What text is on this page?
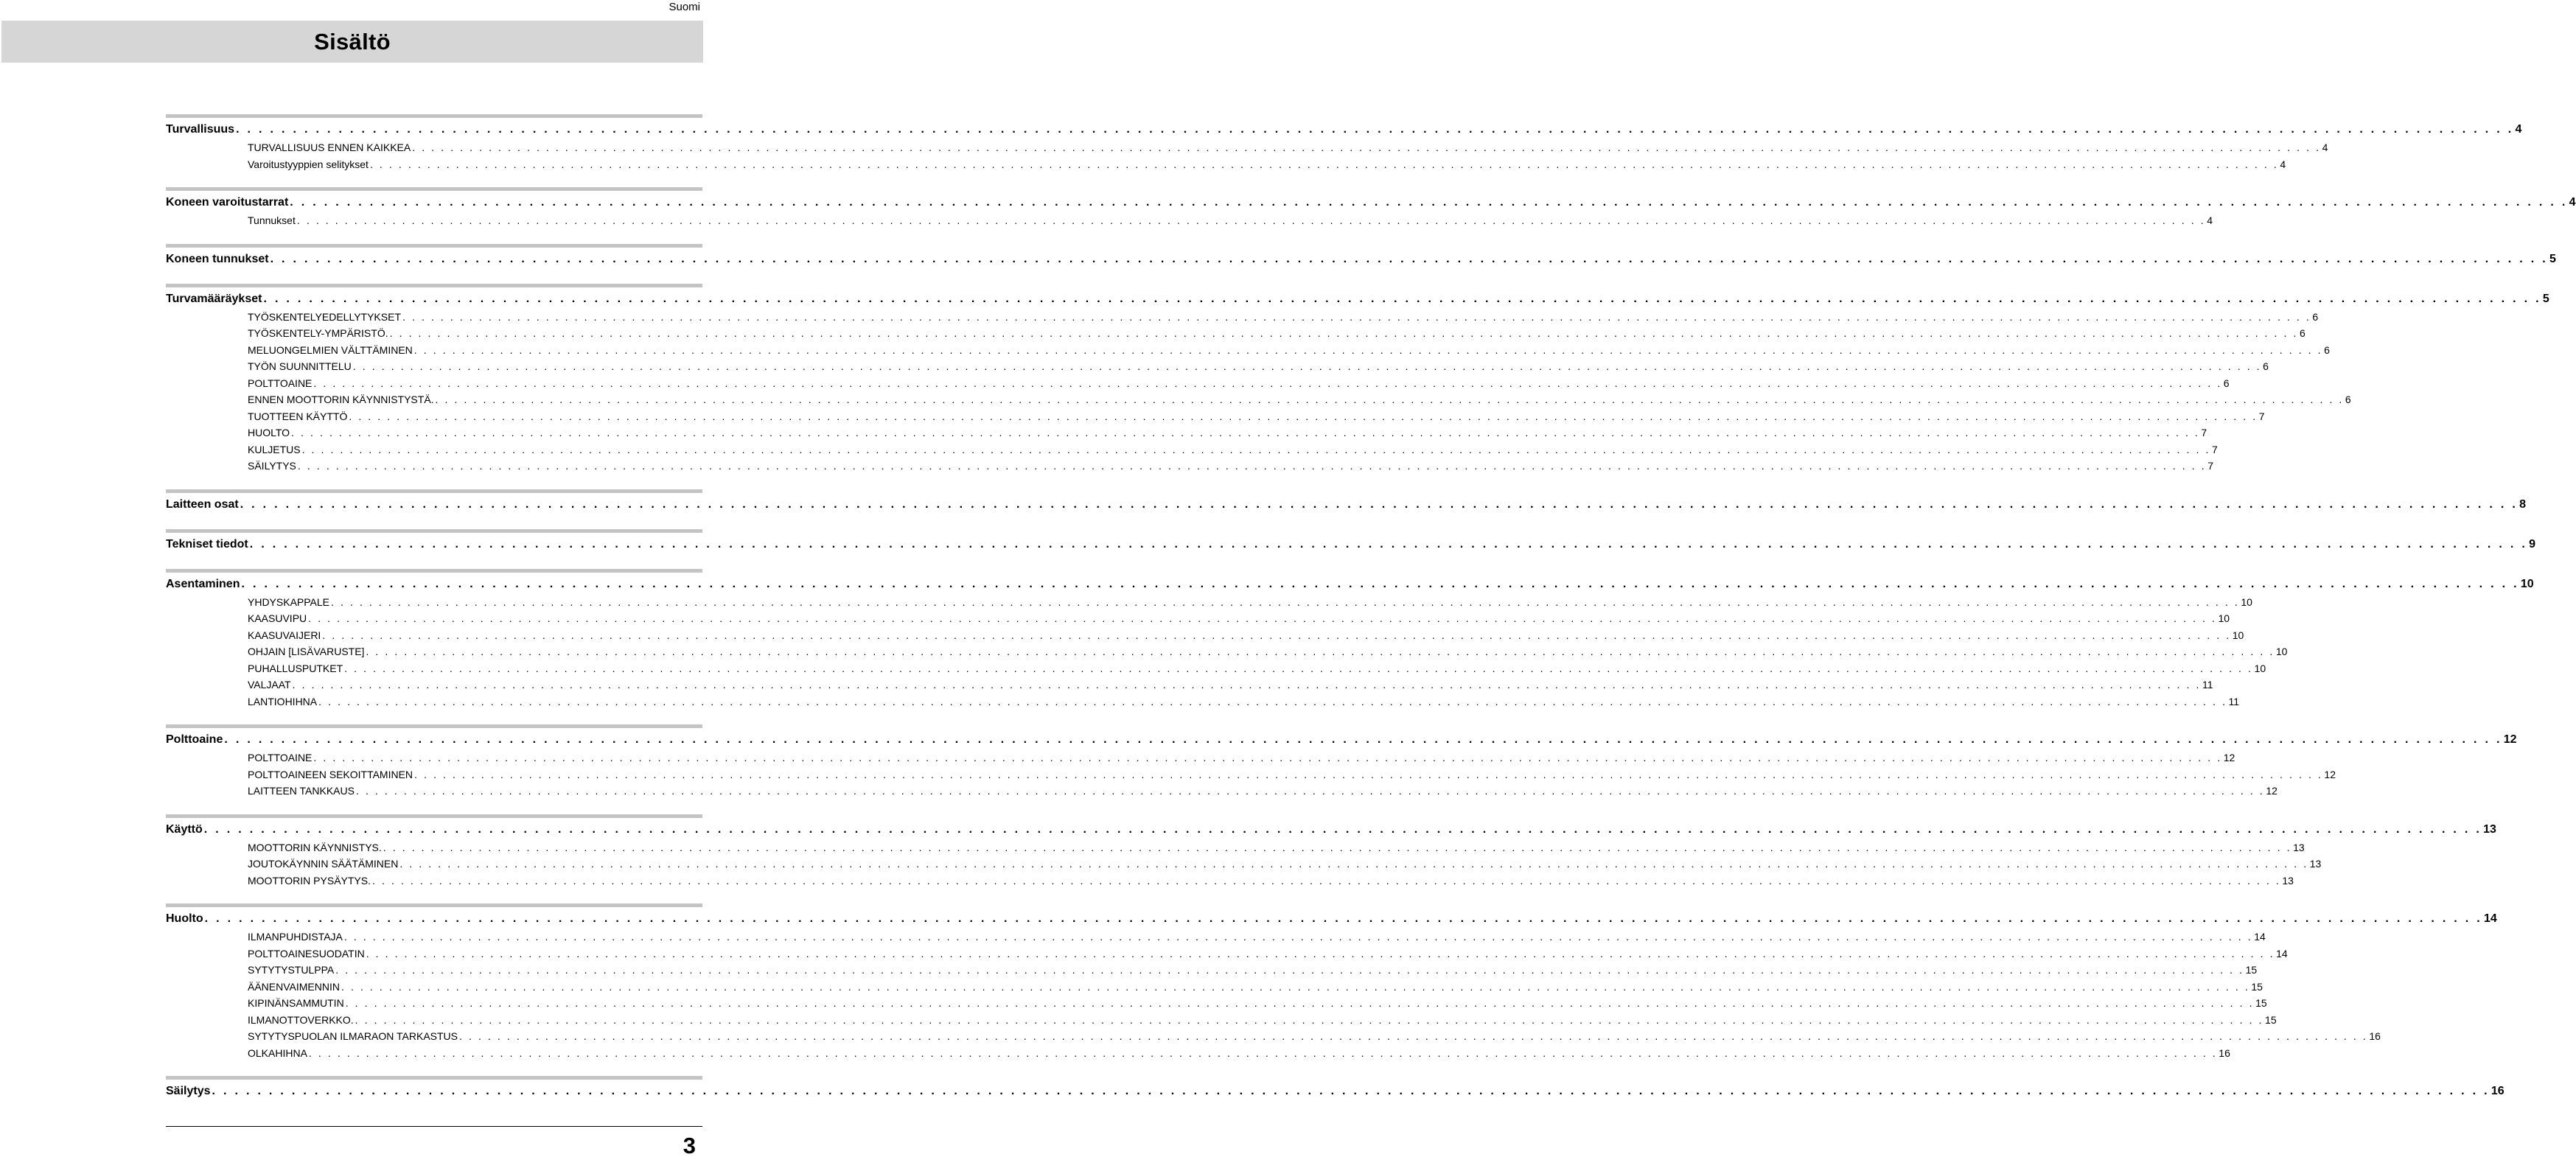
Suomi
Sisältö
Turvallisuus . . . . . . . . . . . . . . . . . . . . . . . . . . . . . . . . . . . . . . . . . . . . . . . . . . . . . . . . . . . . . . . . . . . . . . . . . . . . . . . . . . . . . . . . . . . . . . . . . . . . . . . . . . . . . . . . . . . . . . . . . . . . . . . . . . . . . . . . . . . . . . . . . . . . . . . . . . . . . . . . . . . . . . . . . . . . . . . . . . . . . . . . . . . . . . . . . . . . . . . . 4
TURVALLISUUS ENNEN KAIKKEA . . . . . . . . . . . . . . . . . . . . . . . . . . . . . . . . . . . . . . . . . . . . . . . . . . . . . . . . . . . . . . . . . . . . . . . . . . . . . . . . . . . . . . . . . . . . . . . . . . . . . . . . . . . . . . . . . . . . . . . . . . . . . . . . . . . . . . . . . . . . . . . . . . . . . . . . . . . . . . . . . . . . . . . . . . . . . . . . . . . . . . . . . . . . . . . . . . . . . . . . 4
Varoitustyyppien selitykset . . . . . . . . . . . . . . . . . . . . . . . . . . . . . . . . . . . . . . . . . . . . . . . . . . . . . . . . . . . . . . . . . . . . . . . . . . . . . . . . . . . . . . . . . . . . . . . . . . . . . . . . . . . . . . . . . . . . . . . . . . . . . . . . . . . . . . . . . . . . . . . . . . . . . . . . . . . . . . . . . . . . . . . . . . . . . . . . . . . . . . . . . . . . . . . . . . . . . . . . 4
Koneen varoitustarrat . . . . . . . . . . . . . . . . . . . . . . . . . . . . . . . . . . . . . . . . . . . . . . . . . . . . . . . . . . . . . . . . . . . . . . . . . . . . . . . . . . . . . . . . . . . . . . . . . . . . . . . . . . . . . . . . . . . . . . . . . . . . . . . . . . . . . . . . . . . . . . . . . . . . . . . . . . . . . . . . . . . . . . . . . . . . . . . . . . . . . . . . . . . . . . . . . . . . . . . . 4
Tunnukset . . . . . . . . . . . . . . . . . . . . . . . . . . . . . . . . . . . . . . . . . . . . . . . . . . . . . . . . . . . . . . . . . . . . . . . . . . . . . . . . . . . . . . . . . . . . . . . . . . . . . . . . . . . . . . . . . . . . . . . . . . . . . . . . . . . . . . . . . . . . . . . . . . . . . . . . . . . . . . . . . . . . . . . . . . . . . . . . . . . . . . . . . . . . . . . . . . . . . . . . 4
Koneen tunnukset . . . . . . . . . . . . . . . . . . . . . . . . . . . . . . . . . . . . . . . . . . . . . . . . . . . . . . . . . . . . . . . . . . . . . . . . . . . . . . . . . . . . . . . . . . . . . . . . . . . . . . . . . . . . . . . . . . . . . . . . . . . . . . . . . . . . . . . . . . . . . . . . . . . . . . . . . . . . . . . . . . . . . . . . . . . . . . . . . . . . . . . . . . . . . . . . . . . . . . . . 5
Turvamääräykset . . . . . . . . . . . . . . . . . . . . . . . . . . . . . . . . . . . . . . . . . . . . . . . . . . . . . . . . . . . . . . . . . . . . . . . . . . . . . . . . . . . . . . . . . . . . . . . . . . . . . . . . . . . . . . . . . . . . . . . . . . . . . . . . . . . . . . . . . . . . . . . . . . . . . . . . . . . . . . . . . . . . . . . . . . . . . . . . . . . . . . . . . . . . . . . . . . . . . . . . 5
TYÖSKENTELYEDELLYTYKSET . . . . . . . . . . . . . . . . . . . . . . . . . . . . . . . . . . . . . . . . . . . . . . . . . . . . . . . . . . . . . . . . . . . . . . . . . . . . . . . . . . . . . . . . . . . . . . . . . . . . . . . . . . . . . . . . . . . . . . . . . . . . . . . . . . . . . . . . . . . . . . . . . . . . . . . . . . . . . . . . . . . . . . . . . . . . . . . . . . . . . . . . . . . . . . . . . . . . . . . . 6
TYÖSKENTELY-YMPÄRISTÖ. . . . . . . . . . . . . . . . . . . . . . . . . . . . . . . . . . . . . . . . . . . . . . . . . . . . . . . . . . . . . . . . . . . . . . . . . . . . . . . . . . . . . . . . . . . . . . . . . . . . . . . . . . . . . . . . . . . . . . . . . . . . . . . . . . . . . . . . . . . . . . . . . . . . . . . . . . . . . . . . . . . . . . . . . . . . . . . . . . . . . . . . . . . . . . . . . . . . . . . . . 6
MELUONGELMIEN VÄLTTÄMINEN . . . . . . . . . . . . . . . . . . . . . . . . . . . . . . . . . . . . . . . . . . . . . . . . . . . . . . . . . . . . . . . . . . . . . . . . . . . . . . . . . . . . . . . . . . . . . . . . . . . . . . . . . . . . . . . . . . . . . . . . . . . . . . . . . . . . . . . . . . . . . . . . . . . . . . . . . . . . . . . . . . . . . . . . . . . . . . . . . . . . . . . . . . . . . . . . . . . . . . . . 6
TYÖN SUUNNITTELU . . . . . . . . . . . . . . . . . . . . . . . . . . . . . . . . . . . . . . . . . . . . . . . . . . . . . . . . . . . . . . . . . . . . . . . . . . . . . . . . . . . . . . . . . . . . . . . . . . . . . . . . . . . . . . . . . . . . . . . . . . . . . . . . . . . . . . . . . . . . . . . . . . . . . . . . . . . . . . . . . . . . . . . . . . . . . . . . . . . . . . . . . . . . . . . . . . . . . . . . 6
POLTTOAINE . . . . . . . . . . . . . . . . . . . . . . . . . . . . . . . . . . . . . . . . . . . . . . . . . . . . . . . . . . . . . . . . . . . . . . . . . . . . . . . . . . . . . . . . . . . . . . . . . . . . . . . . . . . . . . . . . . . . . . . . . . . . . . . . . . . . . . . . . . . . . . . . . . . . . . . . . . . . . . . . . . . . . . . . . . . . . . . . . . . . . . . . . . . . . . . . . . . . . . . . 6
ENNEN MOOTTORIN KÄYNNISTYSTÄ. . . . . . . . . . . . . . . . . . . . . . . . . . . . . . . . . . . . . . . . . . . . . . . . . . . . . . . . . . . . . . . . . . . . . . . . . . . . . . . . . . . . . . . . . . . . . . . . . . . . . . . . . . . . . . . . . . . . . . . . . . . . . . . . . . . . . . . . . . . . . . . . . . . . . . . . . . . . . . . . . . . . . . . . . . . . . . . . . . . . . . . . . . . . . . . . . . . . . . . . . 6
TUOTTEEN KÄYTTÖ . . . . . . . . . . . . . . . . . . . . . . . . . . . . . . . . . . . . . . . . . . . . . . . . . . . . . . . . . . . . . . . . . . . . . . . . . . . . . . . . . . . . . . . . . . . . . . . . . . . . . . . . . . . . . . . . . . . . . . . . . . . . . . . . . . . . . . . . . . . . . . . . . . . . . . . . . . . . . . . . . . . . . . . . . . . . . . . . . . . . . . . . . . . . . . . . . . . . . . . . 7
HUOLTO . . . . . . . . . . . . . . . . . . . . . . . . . . . . . . . . . . . . . . . . . . . . . . . . . . . . . . . . . . . . . . . . . . . . . . . . . . . . . . . . . . . . . . . . . . . . . . . . . . . . . . . . . . . . . . . . . . . . . . . . . . . . . . . . . . . . . . . . . . . . . . . . . . . . . . . . . . . . . . . . . . . . . . . . . . . . . . . . . . . . . . . . . . . . . . . . . . . . . . . . 7
KULJETUS . . . . . . . . . . . . . . . . . . . . . . . . . . . . . . . . . . . . . . . . . . . . . . . . . . . . . . . . . . . . . . . . . . . . . . . . . . . . . . . . . . . . . . . . . . . . . . . . . . . . . . . . . . . . . . . . . . . . . . . . . . . . . . . . . . . . . . . . . . . . . . . . . . . . . . . . . . . . . . . . . . . . . . . . . . . . . . . . . . . . . . . . . . . . . . . . . . . . . . . . 7
SÄILYTYS . . . . . . . . . . . . . . . . . . . . . . . . . . . . . . . . . . . . . . . . . . . . . . . . . . . . . . . . . . . . . . . . . . . . . . . . . . . . . . . . . . . . . . . . . . . . . . . . . . . . . . . . . . . . . . . . . . . . . . . . . . . . . . . . . . . . . . . . . . . . . . . . . . . . . . . . . . . . . . . . . . . . . . . . . . . . . . . . . . . . . . . . . . . . . . . . . . . . . . . . 7
Laitteen osat . . . . . . . . . . . . . . . . . . . . . . . . . . . . . . . . . . . . . . . . . . . . . . . . . . . . . . . . . . . . . . . . . . . . . . . . . . . . . . . . . . . . . . . . . . . . . . . . . . . . . . . . . . . . . . . . . . . . . . . . . . . . . . . . . . . . . . . . . . . . . . . . . . . . . . . . . . . . . . . . . . . . . . . . . . . . . . . . . . . . . . . . . . . . . . . . . . . . . . . . 8
Tekniset tiedot . . . . . . . . . . . . . . . . . . . . . . . . . . . . . . . . . . . . . . . . . . . . . . . . . . . . . . . . . . . . . . . . . . . . . . . . . . . . . . . . . . . . . . . . . . . . . . . . . . . . . . . . . . . . . . . . . . . . . . . . . . . . . . . . . . . . . . . . . . . . . . . . . . . . . . . . . . . . . . . . . . . . . . . . . . . . . . . . . . . . . . . . . . . . . . . . . . . . . . . . 9
Asentaminen . . . . . . . . . . . . . . . . . . . . . . . . . . . . . . . . . . . . . . . . . . . . . . . . . . . . . . . . . . . . . . . . . . . . . . . . . . . . . . . . . . . . . . . . . . . . . . . . . . . . . . . . . . . . . . . . . . . . . . . . . . . . . . . . . . . . . . . . . . . . . . . . . . . . . . . . . . . . . . . . . . . . . . . . . . . . . . . . . . . . . . . . . . . . . . . . . . . . . . . . 10
YHDYSKAPPALE . . . . . . . . . . . . . . . . . . . . . . . . . . . . . . . . . . . . . . . . . . . . . . . . . . . . . . . . . . . . . . . . . . . . . . . . . . . . . . . . . . . . . . . . . . . . . . . . . . . . . . . . . . . . . . . . . . . . . . . . . . . . . . . . . . . . . . . . . . . . . . . . . . . . . . . . . . . . . . . . . . . . . . . . . . . . . . . . . . . . . . . . . . . . . . . . . . . . . . . . 10
KAASUVIPU . . . . . . . . . . . . . . . . . . . . . . . . . . . . . . . . . . . . . . . . . . . . . . . . . . . . . . . . . . . . . . . . . . . . . . . . . . . . . . . . . . . . . . . . . . . . . . . . . . . . . . . . . . . . . . . . . . . . . . . . . . . . . . . . . . . . . . . . . . . . . . . . . . . . . . . . . . . . . . . . . . . . . . . . . . . . . . . . . . . . . . . . . . . . . . . . . . . . . . . . 10
KAASUVAIJERI . . . . . . . . . . . . . . . . . . . . . . . . . . . . . . . . . . . . . . . . . . . . . . . . . . . . . . . . . . . . . . . . . . . . . . . . . . . . . . . . . . . . . . . . . . . . . . . . . . . . . . . . . . . . . . . . . . . . . . . . . . . . . . . . . . . . . . . . . . . . . . . . . . . . . . . . . . . . . . . . . . . . . . . . . . . . . . . . . . . . . . . . . . . . . . . . . . . . . . . . 10
OHJAIN [LISÄVARUSTE] . . . . . . . . . . . . . . . . . . . . . . . . . . . . . . . . . . . . . . . . . . . . . . . . . . . . . . . . . . . . . . . . . . . . . . . . . . . . . . . . . . . . . . . . . . . . . . . . . . . . . . . . . . . . . . . . . . . . . . . . . . . . . . . . . . . . . . . . . . . . . . . . . . . . . . . . . . . . . . . . . . . . . . . . . . . . . . . . . . . . . . . . . . . . . . . . . . . . . . . . 10
PUHALLUSPUTKET . . . . . . . . . . . . . . . . . . . . . . . . . . . . . . . . . . . . . . . . . . . . . . . . . . . . . . . . . . . . . . . . . . . . . . . . . . . . . . . . . . . . . . . . . . . . . . . . . . . . . . . . . . . . . . . . . . . . . . . . . . . . . . . . . . . . . . . . . . . . . . . . . . . . . . . . . . . . . . . . . . . . . . . . . . . . . . . . . . . . . . . . . . . . . . . . . . . . . . . . 10
VALJAAT . . . . . . . . . . . . . . . . . . . . . . . . . . . . . . . . . . . . . . . . . . . . . . . . . . . . . . . . . . . . . . . . . . . . . . . . . . . . . . . . . . . . . . . . . . . . . . . . . . . . . . . . . . . . . . . . . . . . . . . . . . . . . . . . . . . . . . . . . . . . . . . . . . . . . . . . . . . . . . . . . . . . . . . . . . . . . . . . . . . . . . . . . . . . . . . . . . . . . . . . 11
LANTIOHIHNA . . . . . . . . . . . . . . . . . . . . . . . . . . . . . . . . . . . . . . . . . . . . . . . . . . . . . . . . . . . . . . . . . . . . . . . . . . . . . . . . . . . . . . . . . . . . . . . . . . . . . . . . . . . . . . . . . . . . . . . . . . . . . . . . . . . . . . . . . . . . . . . . . . . . . . . . . . . . . . . . . . . . . . . . . . . . . . . . . . . . . . . . . . . . . . . . . . . . . . . . 11
Polttoaine . . . . . . . . . . . . . . . . . . . . . . . . . . . . . . . . . . . . . . . . . . . . . . . . . . . . . . . . . . . . . . . . . . . . . . . . . . . . . . . . . . . . . . . . . . . . . . . . . . . . . . . . . . . . . . . . . . . . . . . . . . . . . . . . . . . . . . . . . . . . . . . . . . . . . . . . . . . . . . . . . . . . . . . . . . . . . . . . . . . . . . . . . . . . . . . . . . . . . . . . 12
POLTTOAINE . . . . . . . . . . . . . . . . . . . . . . . . . . . . . . . . . . . . . . . . . . . . . . . . . . . . . . . . . . . . . . . . . . . . . . . . . . . . . . . . . . . . . . . . . . . . . . . . . . . . . . . . . . . . . . . . . . . . . . . . . . . . . . . . . . . . . . . . . . . . . . . . . . . . . . . . . . . . . . . . . . . . . . . . . . . . . . . . . . . . . . . . . . . . . . . . . . . . . . . . 12
POLTTOAINEEN SEKOITTAMINEN . . . . . . . . . . . . . . . . . . . . . . . . . . . . . . . . . . . . . . . . . . . . . . . . . . . . . . . . . . . . . . . . . . . . . . . . . . . . . . . . . . . . . . . . . . . . . . . . . . . . . . . . . . . . . . . . . . . . . . . . . . . . . . . . . . . . . . . . . . . . . . . . . . . . . . . . . . . . . . . . . . . . . . . . . . . . . . . . . . . . . . . . . . . . . . . . . . . . . . . . 12
LAITTEEN TANKKAUS . . . . . . . . . . . . . . . . . . . . . . . . . . . . . . . . . . . . . . . . . . . . . . . . . . . . . . . . . . . . . . . . . . . . . . . . . . . . . . . . . . . . . . . . . . . . . . . . . . . . . . . . . . . . . . . . . . . . . . . . . . . . . . . . . . . . . . . . . . . . . . . . . . . . . . . . . . . . . . . . . . . . . . . . . . . . . . . . . . . . . . . . . . . . . . . . . . . . . . . . 12
Käyttö . . . . . . . . . . . . . . . . . . . . . . . . . . . . . . . . . . . . . . . . . . . . . . . . . . . . . . . . . . . . . . . . . . . . . . . . . . . . . . . . . . . . . . . . . . . . . . . . . . . . . . . . . . . . . . . . . . . . . . . . . . . . . . . . . . . . . . . . . . . . . . . . . . . . . . . . . . . . . . . . . . . . . . . . . . . . . . . . . . . . . . . . . . . . . . . . . . . . . . . . 13
MOOTTORIN KÄYNNISTYS. . . . . . . . . . . . . . . . . . . . . . . . . . . . . . . . . . . . . . . . . . . . . . . . . . . . . . . . . . . . . . . . . . . . . . . . . . . . . . . . . . . . . . . . . . . . . . . . . . . . . . . . . . . . . . . . . . . . . . . . . . . . . . . . . . . . . . . . . . . . . . . . . . . . . . . . . . . . . . . . . . . . . . . . . . . . . . . . . . . . . . . . . . . . . . . . . . . . . . . . . 13
JOUTOKÄYNNIN SÄÄTÄMINEN . . . . . . . . . . . . . . . . . . . . . . . . . . . . . . . . . . . . . . . . . . . . . . . . . . . . . . . . . . . . . . . . . . . . . . . . . . . . . . . . . . . . . . . . . . . . . . . . . . . . . . . . . . . . . . . . . . . . . . . . . . . . . . . . . . . . . . . . . . . . . . . . . . . . . . . . . . . . . . . . . . . . . . . . . . . . . . . . . . . . . . . . . . . . . . . . . . . . . . . . 13
MOOTTORIN PYSÄYTYS. . . . . . . . . . . . . . . . . . . . . . . . . . . . . . . . . . . . . . . . . . . . . . . . . . . . . . . . . . . . . . . . . . . . . . . . . . . . . . . . . . . . . . . . . . . . . . . . . . . . . . . . . . . . . . . . . . . . . . . . . . . . . . . . . . . . . . . . . . . . . . . . . . . . . . . . . . . . . . . . . . . . . . . . . . . . . . . . . . . . . . . . . . . . . . . . . . . . . . . . . 13
Huolto . . . . . . . . . . . . . . . . . . . . . . . . . . . . . . . . . . . . . . . . . . . . . . . . . . . . . . . . . . . . . . . . . . . . . . . . . . . . . . . . . . . . . . . . . . . . . . . . . . . . . . . . . . . . . . . . . . . . . . . . . . . . . . . . . . . . . . . . . . . . . . . . . . . . . . . . . . . . . . . . . . . . . . . . . . . . . . . . . . . . . . . . . . . . . . . . . . . . . . . . 14
ILMANPUHDISTAJA . . . . . . . . . . . . . . . . . . . . . . . . . . . . . . . . . . . . . . . . . . . . . . . . . . . . . . . . . . . . . . . . . . . . . . . . . . . . . . . . . . . . . . . . . . . . . . . . . . . . . . . . . . . . . . . . . . . . . . . . . . . . . . . . . . . . . . . . . . . . . . . . . . . . . . . . . . . . . . . . . . . . . . . . . . . . . . . . . . . . . . . . . . . . . . . . . . . . . . . . 14
POLTTOAINESUODATIN . . . . . . . . . . . . . . . . . . . . . . . . . . . . . . . . . . . . . . . . . . . . . . . . . . . . . . . . . . . . . . . . . . . . . . . . . . . . . . . . . . . . . . . . . . . . . . . . . . . . . . . . . . . . . . . . . . . . . . . . . . . . . . . . . . . . . . . . . . . . . . . . . . . . . . . . . . . . . . . . . . . . . . . . . . . . . . . . . . . . . . . . . . . . . . . . . . . . . . . . 14
SYTYTYSTULPPA . . . . . . . . . . . . . . . . . . . . . . . . . . . . . . . . . . . . . . . . . . . . . . . . . . . . . . . . . . . . . . . . . . . . . . . . . . . . . . . . . . . . . . . . . . . . . . . . . . . . . . . . . . . . . . . . . . . . . . . . . . . . . . . . . . . . . . . . . . . . . . . . . . . . . . . . . . . . . . . . . . . . . . . . . . . . . . . . . . . . . . . . . . . . . . . . . . . . . . . . 15
ÄÄNENVAIMENNIN . . . . . . . . . . . . . . . . . . . . . . . . . . . . . . . . . . . . . . . . . . . . . . . . . . . . . . . . . . . . . . . . . . . . . . . . . . . . . . . . . . . . . . . . . . . . . . . . . . . . . . . . . . . . . . . . . . . . . . . . . . . . . . . . . . . . . . . . . . . . . . . . . . . . . . . . . . . . . . . . . . . . . . . . . . . . . . . . . . . . . . . . . . . . . . . . . . . . . . . . 15
KIPINÄNSAMMUTIN . . . . . . . . . . . . . . . . . . . . . . . . . . . . . . . . . . . . . . . . . . . . . . . . . . . . . . . . . . . . . . . . . . . . . . . . . . . . . . . . . . . . . . . . . . . . . . . . . . . . . . . . . . . . . . . . . . . . . . . . . . . . . . . . . . . . . . . . . . . . . . . . . . . . . . . . . . . . . . . . . . . . . . . . . . . . . . . . . . . . . . . . . . . . . . . . . . . . . . . . 15
ILMANOTTOVERKKO. . . . . . . . . . . . . . . . . . . . . . . . . . . . . . . . . . . . . . . . . . . . . . . . . . . . . . . . . . . . . . . . . . . . . . . . . . . . . . . . . . . . . . . . . . . . . . . . . . . . . . . . . . . . . . . . . . . . . . . . . . . . . . . . . . . . . . . . . . . . . . . . . . . . . . . . . . . . . . . . . . . . . . . . . . . . . . . . . . . . . . . . . . . . . . . . . . . . . . . . . 15
SYTYTYSPUOLAN ILMARAON TARKASTUS . . . . . . . . . . . . . . . . . . . . . . . . . . . . . . . . . . . . . . . . . . . . . . . . . . . . . . . . . . . . . . . . . . . . . . . . . . . . . . . . . . . . . . . . . . . . . . . . . . . . . . . . . . . . . . . . . . . . . . . . . . . . . . . . . . . . . . . . . . . . . . . . . . . . . . . . . . . . . . . . . . . . . . . . . . . . . . . . . . . . . . . . . . . . . . . . . . . . . . . . 16
OLKAHIHNA . . . . . . . . . . . . . . . . . . . . . . . . . . . . . . . . . . . . . . . . . . . . . . . . . . . . . . . . . . . . . . . . . . . . . . . . . . . . . . . . . . . . . . . . . . . . . . . . . . . . . . . . . . . . . . . . . . . . . . . . . . . . . . . . . . . . . . . . . . . . . . . . . . . . . . . . . . . . . . . . . . . . . . . . . . . . . . . . . . . . . . . . . . . . . . . . . . . . . . . . 16
Säilytys . . . . . . . . . . . . . . . . . . . . . . . . . . . . . . . . . . . . . . . . . . . . . . . . . . . . . . . . . . . . . . . . . . . . . . . . . . . . . . . . . . . . . . . . . . . . . . . . . . . . . . . . . . . . . . . . . . . . . . . . . . . . . . . . . . . . . . . . . . . . . . . . . . . . . . . . . . . . . . . . . . . . . . . . . . . . . . . . . . . . . . . . . . . . . . . . . . . . . . . . 16
3
